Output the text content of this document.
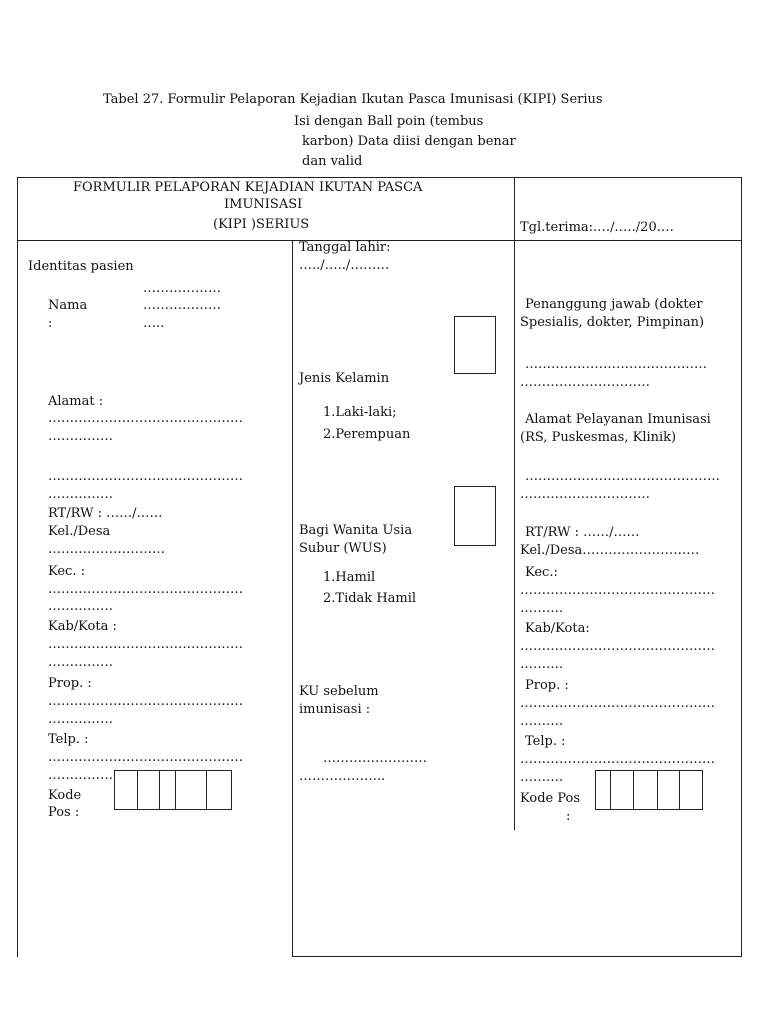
Tabel 27. Formulir Pelaporan Kejadian Ikutan Pasca Imunisasi (KIPI) Serius
Isi dengan Ball poin (tembus
karbon) Data diisi dengan benar
dan valid
FORMULIR PELAPORAN KEJADIAN IKUTAN PASCA
IMUNISASI
(KIPI )SERIUS	Tgl.terima:.…/.…./20.…
Identitas pasien
………………
Nama	………………
:	…..
Alamat :
………………………………………
……………
………………………………………
……………
RT/RW : ……/……
Kel./Desa
………………………
Kec. :
………………………………………
……………
Kab/Kota :
………………………………………
……………
Prop. :
………………………………………
……………
Telp. :
………………………………………
……………
Kode
Pos :
Tanggal lahir:
…../…../………
Jenis Kelamin
1.Laki-laki;
2.Perempuan
Bagi Wanita Usia
Subur (WUS)
1.Hamil
2.Tidak Hamil
KU sebelum
imunisasi :
……………………
………………..
Penanggung jawab (dokter
Spesialis, dokter, Pimpinan)
……………………………………
…………………………
Alamat Pelayanan Imunisasi
(RS, Puskesmas, Klinik)
………………………………………
…………………………
RT/RW : ……/……
Kel./Desa………………………
Kec.:
………………………………………
……….
Kab/Kota:
………………………………………
……….
Prop. :
………………………………………
……….
Telp. :
………………………………………
……….
Kode Pos
:
